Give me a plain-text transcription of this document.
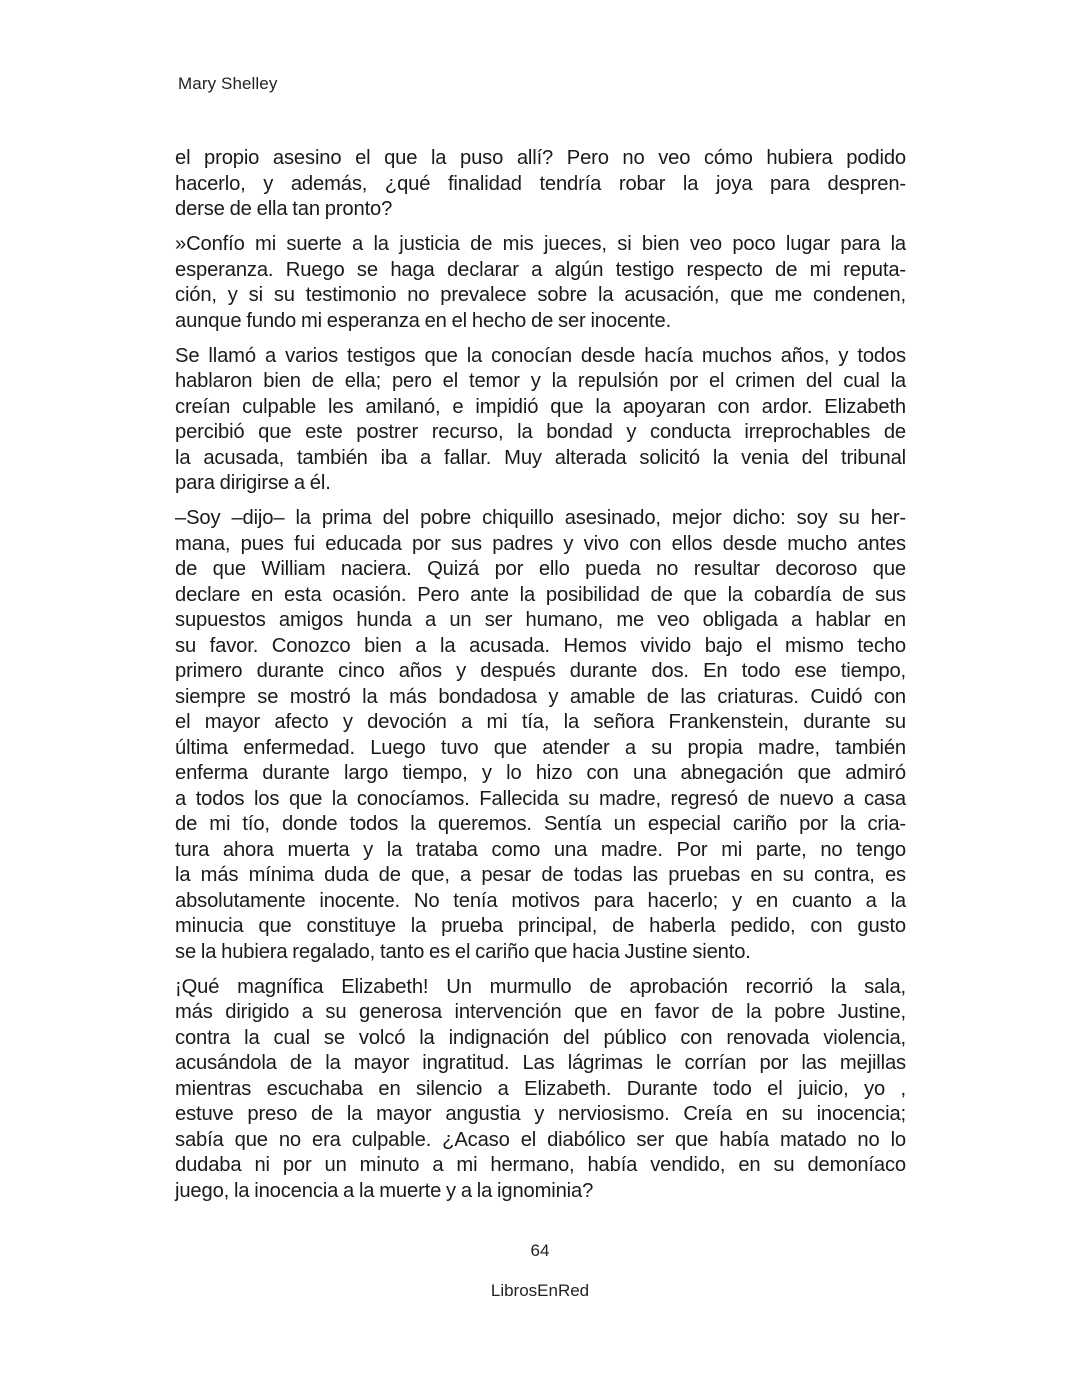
Mary Shelley

el propio asesino el que la puso allí? Pero no veo cómo hubiera podido
hacerlo, y además, ¿qué finalidad tendría robar la joya para despren-
derse de ella tan pronto?

»Confío mi suerte a la justicia de mis jueces, si bien veo poco lugar para la
esperanza. Ruego se haga declarar a algún testigo respecto de mi reputa-
ción, y si su testimonio no prevalece sobre la acusación, que me condenen,
aunque fundo mi esperanza en el hecho de ser inocente.

Se llamó a varios testigos que la conocían desde hacía muchos años, y todos
hablaron bien de ella; pero el temor y la repulsión por el crimen del cual la
creían culpable les amilanó, e impidió que la apoyaran con ardor. Elizabeth
percibió que este postrer recurso, la bondad y conducta irreprochables de
la acusada, también iba a fallar. Muy alterada solicitó la venia del tribunal
para dirigirse a él.

–Soy –dijo– la prima del pobre chiquillo asesinado, mejor dicho: soy su her-
mana, pues fui educada por sus padres y vivo con ellos desde mucho antes
de que William naciera. Quizá por ello pueda no resultar decoroso que
declare en esta ocasión. Pero ante la posibilidad de que la cobardía de sus
supuestos amigos hunda a un ser humano, me veo obligada a hablar en
su favor. Conozco bien a la acusada. Hemos vivido bajo el mismo techo
primero durante cinco años y después durante dos. En todo ese tiempo,
siempre se mostró la más bondadosa y amable de las criaturas. Cuidó con
el mayor afecto y devoción a mi tía, la señora Frankenstein, durante su
última enfermedad. Luego tuvo que atender a su propia madre, también
enferma durante largo tiempo, y lo hizo con una abnegación que admiró
a todos los que la conocíamos. Fallecida su madre, regresó de nuevo a casa
de mi tío, donde todos la queremos. Sentía un especial cariño por la cria-
tura ahora muerta y la trataba como una madre. Por mi parte, no tengo
la más mínima duda de que, a pesar de todas las pruebas en su contra, es
absolutamente inocente. No tenía motivos para hacerlo; y en cuanto a la
minucia que constituye la prueba principal, de haberla pedido, con gusto
se la hubiera regalado, tanto es el cariño que hacia Justine siento.

¡Qué magnífica Elizabeth! Un murmullo de aprobación recorrió la sala,
más dirigido a su generosa intervención que en favor de la pobre Justine,
contra la cual se volcó la indignación del público con renovada violencia,
acusándola de la mayor ingratitud. Las lágrimas le corrían por las mejillas
mientras escuchaba en silencio a Elizabeth. Durante todo el juicio, yo ,
estuve preso de la mayor angustia y nerviosismo. Creía en su inocencia;
sabía que no era culpable. ¿Acaso el diabólico ser que había matado no lo
dudaba ni por un minuto a mi hermano, había vendido, en su demoníaco
juego, la inocencia a la muerte y a la ignominia?

64
LibrosEnRed
